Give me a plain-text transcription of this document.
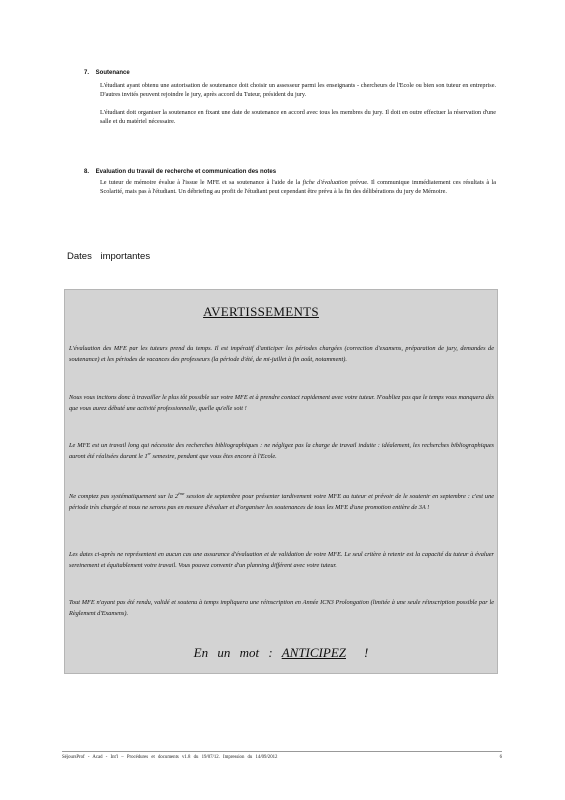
7. Soutenance

L'étudiant ayant obtenu une autorisation de soutenance doit choisir un assesseur parmi les enseignants - chercheurs de l'Ecole ou bien son tuteur en entreprise. D'autres invités peuvent rejoindre le jury, après accord du Tuteur, président du jury.

L'étudiant doit organiser la soutenance en fixant une date de soutenance en accord avec tous les membres du jury. Il doit en outre effectuer la réservation d'une salle et du matériel nécessaire.

8. Evaluation du travail de recherche et communication des notes

Le tuteur de mémoire évalue à l'issue le MFE et sa soutenance à l'aide de la fiche d'évaluation prévue. Il communique immédiatement ces résultats à la Scolarité, mais pas à l'étudiant. Un débriefing au profit de l'étudiant peut cependant être prévu à la fin des délibérations du jury de Mémoire.

Dates importantes
AVERTISSEMENTS

L'évaluation des MFE par les tuteurs prend du temps. Il est impératif d'anticiper les périodes chargées (correction d'examens, préparation de jury, demandes de soutenance) et les périodes de vacances des professeurs (la période d'été, de mi-juillet à fin août, notamment).

Nous vous incitons donc à travailler le plus tôt possible sur votre MFE et à prendre contact rapidement avec votre tuteur. N'oubliez pas que le temps vous manquera dès que vous aurez débuté une activité professionnelle, quelle qu'elle soit !

Le MFE est un travail long qui nécessite des recherches bibliographiques : ne négligez pas la charge de travail induite : idéalement, les recherches bibliographiques auront été réalisées durant le 1er semestre, pendant que vous êtes encore à l'Ecole.

Ne comptez pas systématiquement sur la 2ème session de septembre pour présenter tardivement votre MFE au tuteur et prévoir de le soutenir en septembre : c'est une période très chargée et nous ne serons pas en mesure d'évaluer et d'organiser les soutenances de tous les MFE d'une promotion entière de 3A !

Les dates ci-après ne représentent en aucun cas une assurance d'évaluation et de validation de votre MFE. Le seul critère à retenir est la capacité du tuteur à évaluer sereinement et équitablement votre travail. Vous pouvez convenir d'un planning différent avec votre tuteur.

Tout MFE n'ayant pas été rendu, validé et soutenu à temps impliquera une réinscription en Année ICN3 Prolongation (limitée à une seule réinscription possible par le Règlement d'Examens).

En un mot : ANTICIPEZ !
SéjoursProf - Acad - Int'l – Procédures et documents v1.8 du 19/07/12. Impression du 14/09/2012	6
